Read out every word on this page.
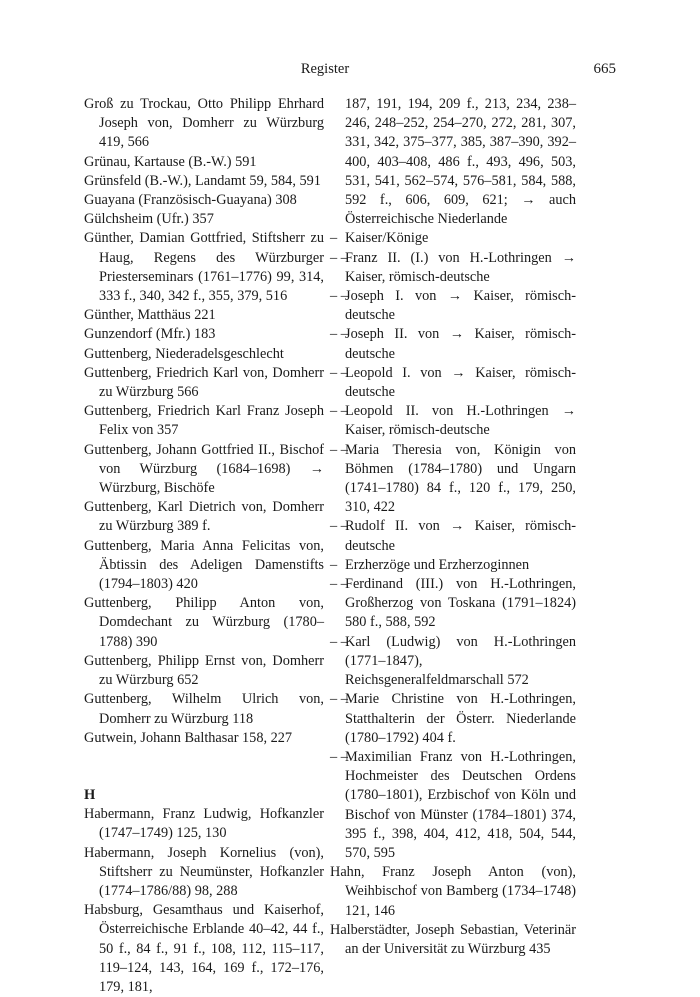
Register	665
Groß zu Trockau, Otto Philipp Ehrhard Joseph von, Domherr zu Würzburg 419, 566
Grünau, Kartause (B.-W.) 591
Grünsfeld (B.-W.), Landamt 59, 584, 591
Guayana (Französisch-Guayana) 308
Gülchsheim (Ufr.) 357
Günther, Damian Gottfried, Stiftsherr zu Haug, Regens des Würzburger Priesterseminars (1761–1776) 99, 314, 333 f., 340, 342 f., 355, 379, 516
Günther, Matthäus 221
Gunzendorf (Mfr.) 183
Guttenberg, Niederadelsgeschlecht
Guttenberg, Friedrich Karl von, Domherr zu Würzburg 566
Guttenberg, Friedrich Karl Franz Joseph Felix von 357
Guttenberg, Johann Gottfried II., Bischof von Würzburg (1684–1698) → Würzburg, Bischöfe
Guttenberg, Karl Dietrich von, Domherr zu Würzburg 389 f.
Guttenberg, Maria Anna Felicitas von, Äbtissin des Adeligen Damenstifts (1794–1803) 420
Guttenberg, Philipp Anton von, Domdechant zu Würzburg (1780–1788) 390
Guttenberg, Philipp Ernst von, Domherr zu Würzburg 652
Guttenberg, Wilhelm Ulrich von, Domherr zu Würzburg 118
Gutwein, Johann Balthasar 158, 227
H
Habermann, Franz Ludwig, Hofkanzler (1747–1749) 125, 130
Habermann, Joseph Kornelius (von), Stiftsherr zu Neumünster, Hofkanzler (1774–1786/88) 98, 288
Habsburg, Gesamthaus und Kaiserhof, Österreichische Erblande 40–42, 44 f., 50 f., 84 f., 91 f., 108, 112, 115–117, 119–124, 143, 164, 169 f., 172–176, 179, 181,
187, 191, 194, 209 f., 213, 234, 238–246, 248–252, 254–270, 272, 281, 307, 331, 342, 375–377, 385, 387–390, 392–400, 403–408, 486 f., 493, 496, 503, 531, 541, 562–574, 576–581, 584, 588, 592 f., 606, 609, 621; → auch Österreichische Niederlande
– Kaiser/Könige
– –
Franz II. (I.) von H.-Lothringen → Kaiser, römisch-deutsche
– –
Joseph I. von → Kaiser, römisch-deutsche
– –
Joseph II. von → Kaiser, römisch-deutsche
– –
Leopold I. von → Kaiser, römisch-deutsche
– –
Leopold II. von H.-Lothringen → Kaiser, römisch-deutsche
– –
Maria Theresia von, Königin von Böhmen (1784–1780) und Ungarn (1741–1780) 84 f., 120 f., 179, 250, 310, 422
– –
Rudolf II. von → Kaiser, römisch-deutsche
– Erzherzöge und Erzherzoginnen
– –
Ferdinand (III.) von H.-Lothringen, Großherzog von Toskana (1791–1824) 580 f., 588, 592
– –
Karl (Ludwig) von H.-Lothringen (1771–1847), Reichsgeneralfeldmarschall 572
– –
Marie Christine von H.-Lothringen, Statthalterin der Österr. Niederlande (1780–1792) 404 f.
– –
Maximilian Franz von H.-Lothringen, Hochmeister des Deutschen Ordens (1780–1801), Erzbischof von Köln und Bischof von Münster (1784–1801) 374, 395 f., 398, 404, 412, 418, 504, 544, 570, 595
Hahn, Franz Joseph Anton (von), Weihbischof von Bamberg (1734–1748) 121, 146
Halberstädter, Joseph Sebastian, Veterinär an der Universität zu Würzburg 435
